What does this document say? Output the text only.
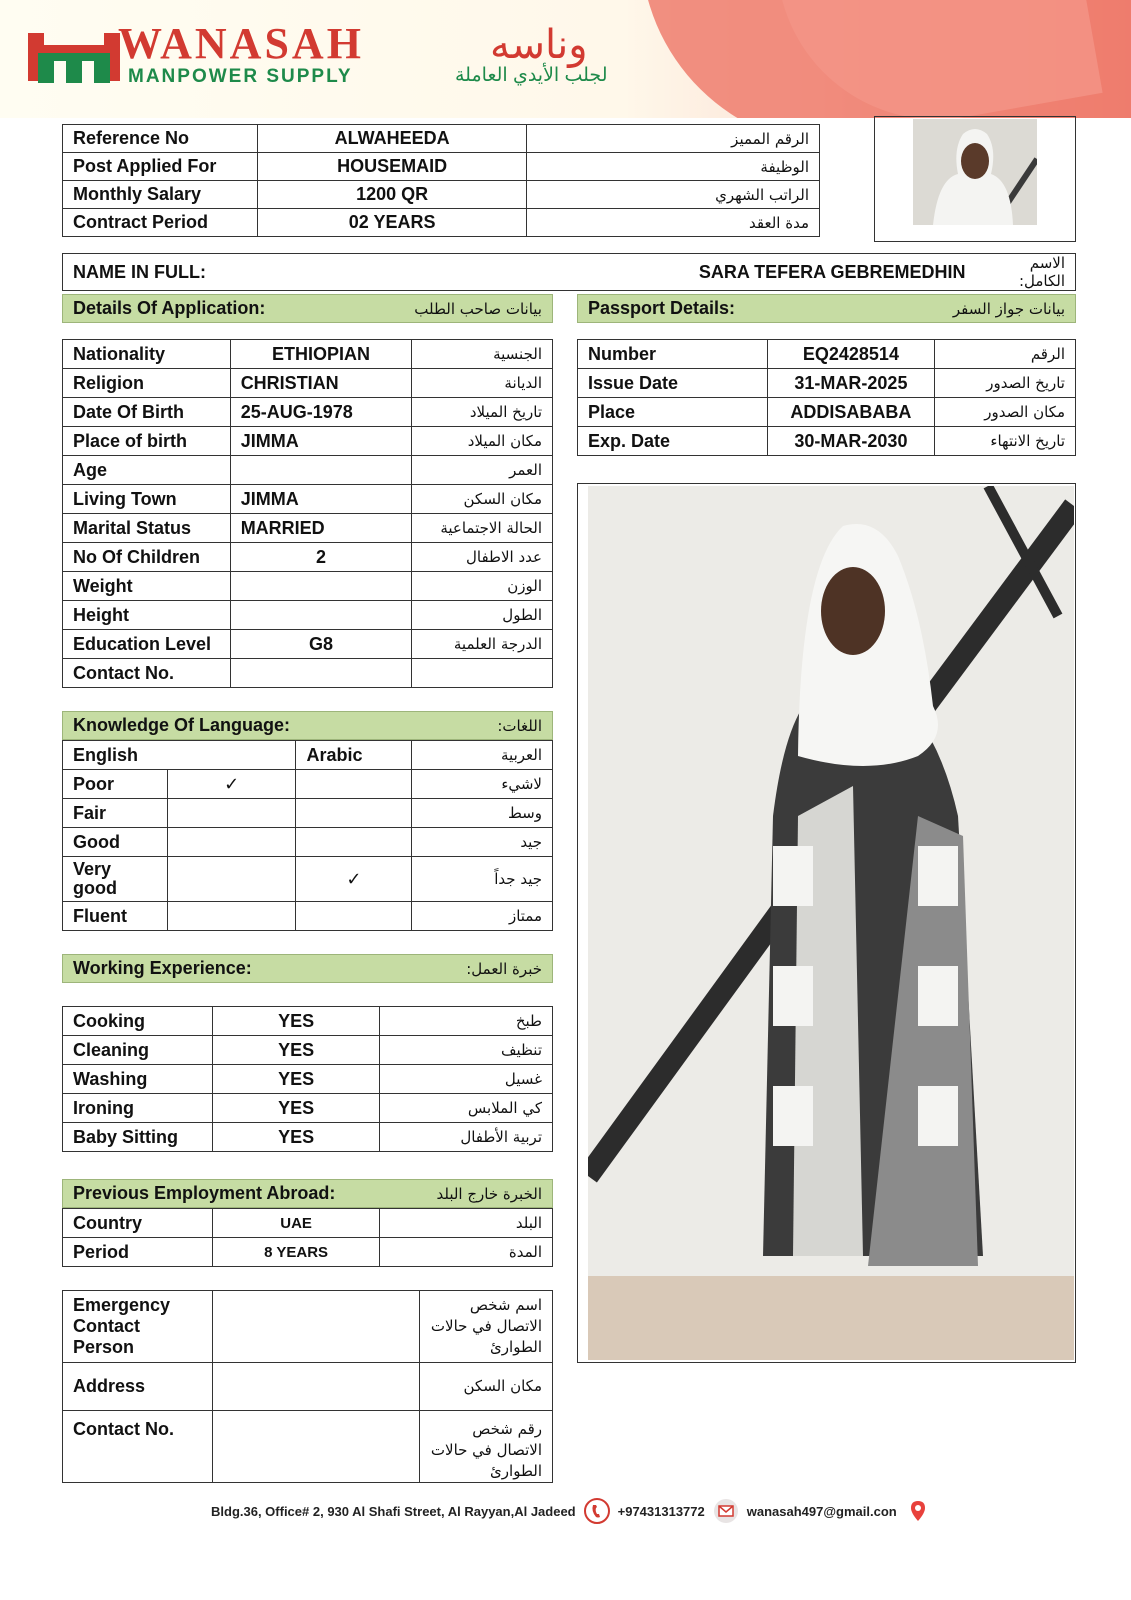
WANASAH	وناسه
MANPOWER SUPPLY	لجلب الأيدي العاملة
Reference No	ALWAHEEDA	الرقم المميز
Post Applied For	HOUSEMAID	الوظيفة
Monthly Salary	1200 QR	الراتب الشهري
Contract Period	02 YEARS	مدة العقد
NAME IN FULL:	SARA TEFERA GEBREMEDHIN	الاسم الكامل:
Details Of Application:	بيانات صاحب الطلب
Nationality	ETHIOPIAN	الجنسية
Religion	CHRISTIAN	الديانة
Date Of Birth	25-AUG-1978	تاريخ الميلاد
Place of birth	JIMMA	مكان الميلاد
Age		العمر
Living Town	JIMMA	مكان السكن
Marital Status	MARRIED	الحالة الاجتماعية
No Of Children	2	عدد الاطفال
Weight		الوزن
Height		الطول
Education Level	G8	الدرجة العلمية
Contact No.		
Passport Details:	بيانات جواز السفر
Number	EQ2428514	الرقم
Issue Date	31-MAR-2025	تاريخ الصدور
Place	ADDISABABA	مكان الصدور
Exp. Date	30-MAR-2030	تاريخ الانتهاء
Knowledge Of Language:	اللغات:
English		Arabic	العربية
Poor	✓		لاشيء
Fair			وسط
Good			جيد
Very good		✓	جيد جداً
Fluent			ممتاز
Working Experience:	خبرة العمل:
Cooking	YES	طبخ
Cleaning	YES	تنظيف
Washing	YES	غسيل
Ironing	YES	كي الملابس
Baby Sitting	YES	تربية الأطفال
Previous Employment Abroad:	الخبرة خارج البلد
Country	UAE	البلد
Period	8 YEARS	المدة
Emergency Contact Person		اسم شخص الاتصال في حالات الطوارئ
Address		مكان السكن
Contact No.		رقم شخص الاتصال في حالات الطوارئ
Bldg.36, Office# 2, 930 Al Shafi Street, Al Rayyan,Al Jadeed	+97431313772	wanasah497@gmail.con
